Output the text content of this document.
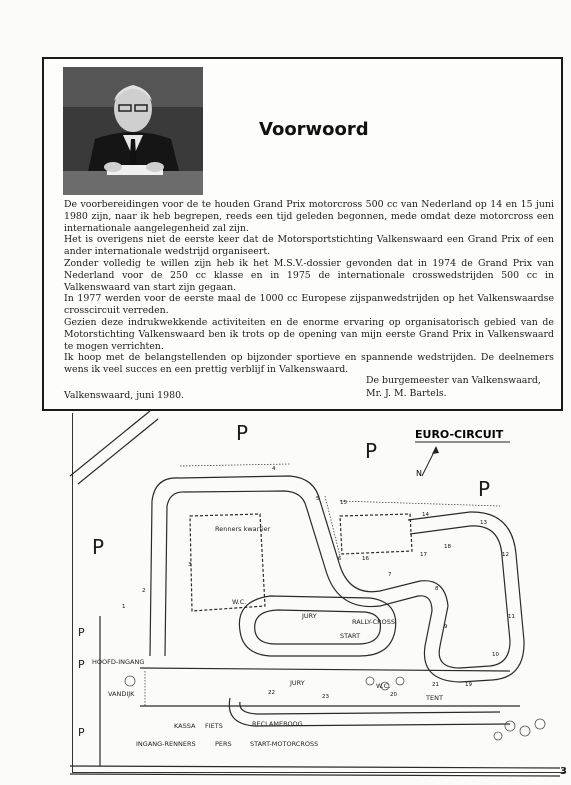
Voorwoord

De voorbereidingen voor de te houden Grand Prix motorcross 500 cc van Nederland op 14 en 15 juni 1980 zijn, naar ik heb begrepen, reeds een tijd geleden begonnen, mede omdat deze motorcross een internationale aangelegenheid zal zijn.

Het is overigens niet de eerste keer dat de Motorsportstichting Valkenswaard een Grand Prix of een ander internationale wedstrijd organiseert.

Zonder volledig te willen zijn heb ik het M.S.V.-dossier gevonden dat in 1974 de Grand Prix van Nederland voor de 250 cc klasse en in 1975 de internationale crosswedstrijden 500 cc in Valkenswaard van start zijn gegaan.

In 1977 werden voor de eerste maal de 1000 cc Europese zijspanwedstrijden op het Valkenswaardse crosscircuit verreden.

Gezien deze indrukwekkende activiteiten en de enorme ervaring op organisatorisch gebied van de Motorstichting Valkenswaard ben ik trots op de opening van mijn eerste Grand Prix in Valkenswaard te mogen verrichten.

Ik hoop met de belangstellenden op bijzonder sportieve en spannende wedstrijden. De deelnemers wens ik veel succes en een prettig verblijf in Valkenswaard.

De burgemeester van Valkenswaard,
Mr. J. M. Bartels.
Valkenswaard, juni 1980.
P
P
P
P
P
P
P
EURO-CIRCUIT
N
Renners kwartier
RALLY-CROSS
START
JURY
JURY	W.C.
W.C.
TENT
START-MOTORCROSS
RECLAMEBOOG
HOOFD-INGANG
VANDIJK
KASSA FIETS
PERS
INGANG-RENNERS
1
2
3
4
5
6
7
8
9
10
11
12
13
14
15
16
17
18
19
20
21
22
23
3
